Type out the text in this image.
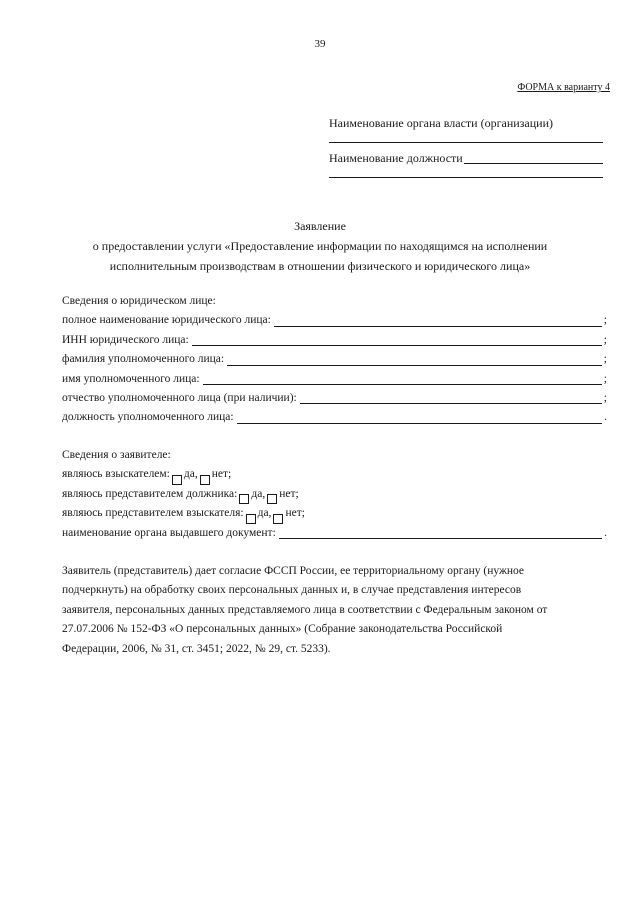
39
ФОРМА к варианту 4
Наименование органа власти (организации)
Наименование должности
Заявление
о предоставлении услуги «Предоставление информации по находящимся на исполнении
исполнительным производствам в отношении физического и юридического лица»
Сведения о юридическом лице:
полное наименование юридического лица:	;
ИНН юридического лица:	;
фамилия уполномоченного лица:	;
имя уполномоченного лица:	;
отчество уполномоченного лица (при наличии):	;
должность уполномоченного лица:	.
Сведения о заявителе:
являюсь взыскателем: да, нет;
являюсь представителем должника: да, нет;
являюсь представителем взыскателя: да, нет;
наименование органа выдавшего документ:	.
Заявитель (представитель) дает согласие ФССП России, ее территориальному органу (нужное
подчеркнуть) на обработку своих персональных данных и, в случае представления интересов
заявителя, персональных данных представляемого лица в соответствии с Федеральным законом от
27.07.2006 № 152-ФЗ «О персональных данных» (Собрание законодательства Российской
Федерации, 2006, № 31, ст. 3451; 2022, № 29, ст. 5233).
